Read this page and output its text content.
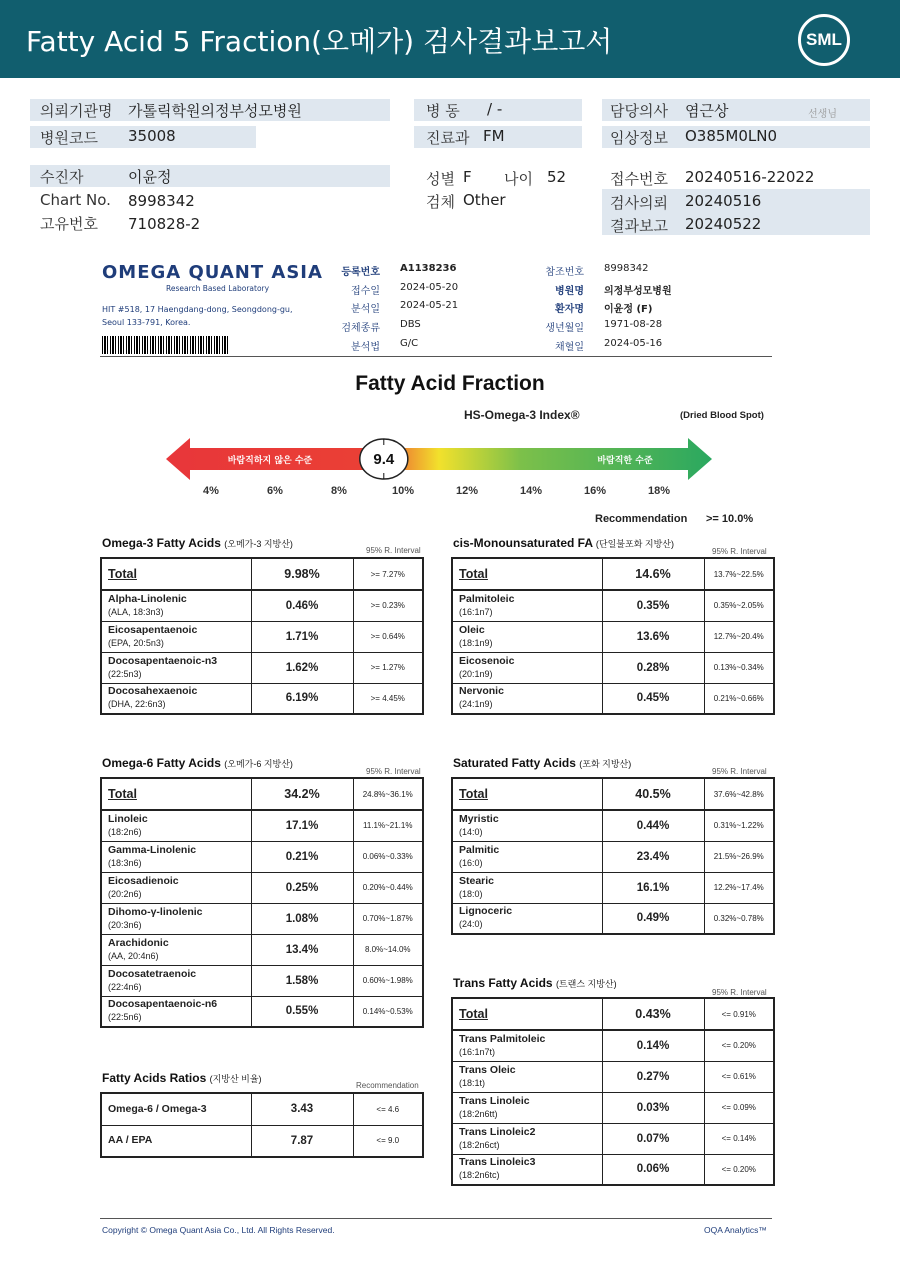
Fatty Acid 5 Fraction(오메가) 검사결과보고서	SML
의뢰기관명 가톨릭학원의정부성모병원
병원코드 35008
병 동 / -
진료과 FM
담당의사 염근상	선생님
임상정보 O385M0LN0
수진자	이윤정
Chart No. 8998342
고유번호 710828-2
성별 F 나이 52
검체 Other
접수번호 20240516-22022
검사의뢰 20240516
결과보고 20240522
OMEGA QUANT ASIA
Research Based Laboratory
HIT #518, 17 Haengdang-dong, Seongdong-gu,
Seoul 133-791, Korea.
등록번호 A1138236
접수일 2024-05-20
분석일 2024-05-21
검체종류 DBS
분석법 G/C
참조번호 8998342
병원명 의정부성모병원
환자명 이윤정 (F)
생년월일 1971-08-28
채혈일 2024-05-16
Fatty Acid Fraction
HS-Omega-3 Index®	(Dried Blood Spot)
바람직하지 않은 수준	바람직한 수준
9.4
4%	6%	8%	10%	12%	14%	16%	18%
Recommendation >= 10.0%
Omega-3 Fatty Acids (오메가-3 지방산)
95% R. Interval
Total	9.98%	>= 7.27%
Alpha-Linolenic
(ALA, 18:3n3)	0.46%	>= 0.23%
Eicosapentaenoic
(EPA, 20:5n3)	1.71%	>= 0.64%
Docosapentaenoic-n3
(22:5n3)	1.62%	>= 1.27%
Docosahexaenoic
(DHA, 22:6n3)	6.19%	>= 4.45%
cis-Monounsaturated FA (단일불포화 지방산)
95% R. Interval
Total	14.6%	13.7%~22.5%
Palmitoleic
(16:1n7)	0.35%	0.35%~2.05%
Oleic
(18:1n9)	13.6%	12.7%~20.4%
Eicosenoic
(20:1n9)	0.28%	0.13%~0.34%
Nervonic
(24:1n9)	0.45%	0.21%~0.66%
Omega-6 Fatty Acids (오메가-6 지방산)
95% R. Interval
Total	34.2%	24.8%~36.1%
Linoleic
(18:2n6)	17.1%	11.1%~21.1%
Gamma-Linolenic
(18:3n6)	0.21%	0.06%~0.33%
Eicosadienoic
(20:2n6)	0.25%	0.20%~0.44%
Dihomo-γ-linolenic
(20:3n6)	1.08%	0.70%~1.87%
Arachidonic
(AA, 20:4n6)	13.4%	8.0%~14.0%
Docosatetraenoic
(22:4n6)	1.58%	0.60%~1.98%
Docosapentaenoic-n6
(22:5n6)	0.55%	0.14%~0.53%
Saturated Fatty Acids (포화 지방산)
95% R. Interval
Total	40.5%	37.6%~42.8%
Myristic
(14:0)	0.44%	0.31%~1.22%
Palmitic
(16:0)	23.4%	21.5%~26.9%
Stearic
(18:0)	16.1%	12.2%~17.4%
Lignoceric
(24:0)	0.49%	0.32%~0.78%
Trans Fatty Acids (트랜스 지방산)
95% R. Interval
Total	0.43%	<= 0.91%
Trans Palmitoleic
(16:1n7t)	0.14%	<= 0.20%
Trans Oleic
(18:1t)	0.27%	<= 0.61%
Trans Linoleic
(18:2n6tt)	0.03%	<= 0.09%
Trans Linoleic2
(18:2n6ct)	0.07%	<= 0.14%
Trans Linoleic3
(18:2n6tc)	0.06%	<= 0.20%
Fatty Acids Ratios (지방산 비율)
Recommendation
Omega-6 / Omega-3	3.43	<= 4.6
AA / EPA	7.87	<= 9.0
Copyright © Omega Quant Asia Co., Ltd. All Rights Reserved.	OQA Analytics™
